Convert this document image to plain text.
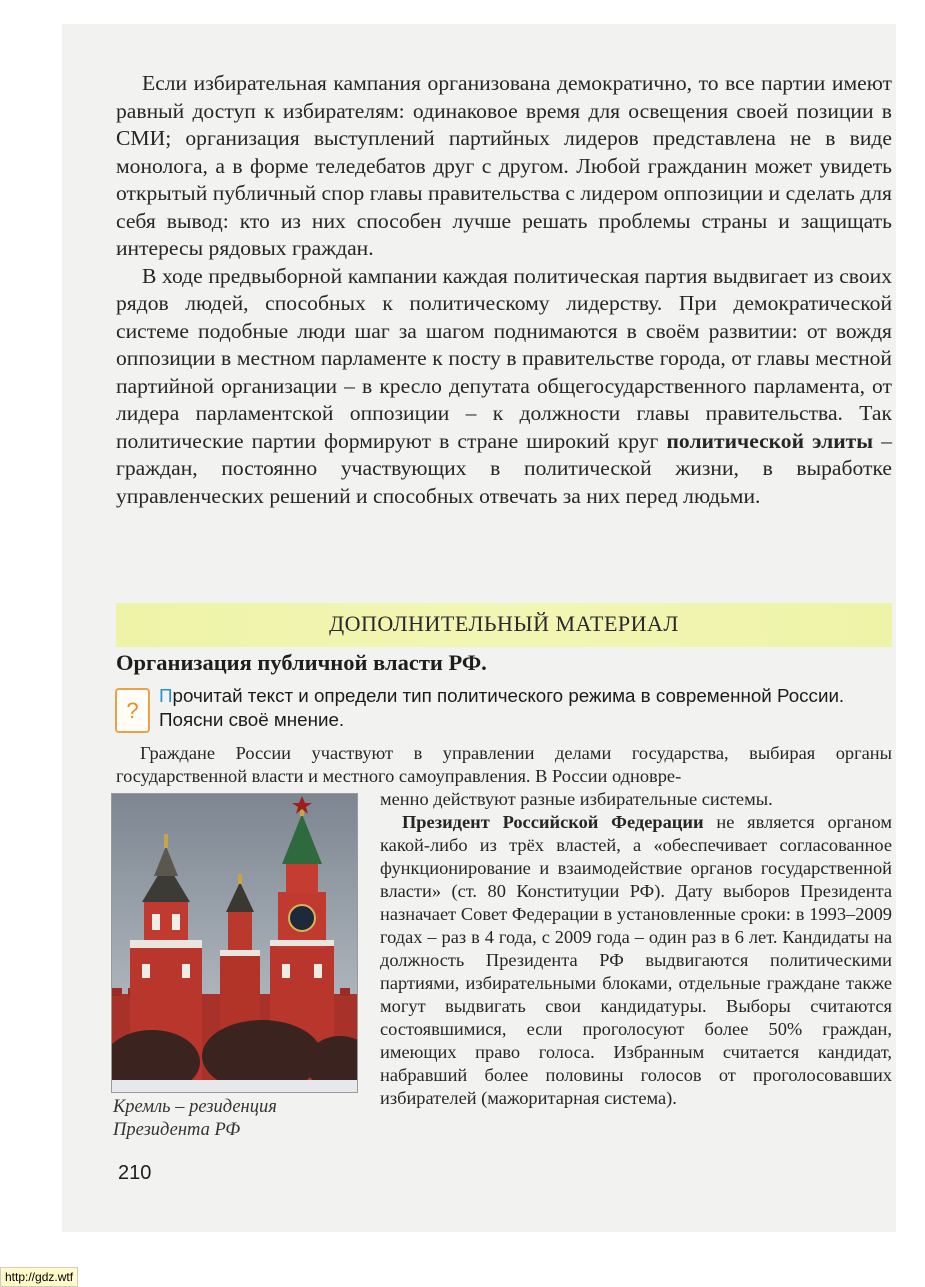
Если избирательная кампания организована демократично, то все партии имеют равный доступ к избирателям: одинаковое время для освещения своей позиции в СМИ; организация выступлений партийных лидеров представлена не в виде монолога, а в форме теледебатов друг с другом. Любой гражданин может увидеть открытый публичный спор главы правительства с лидером оппозиции и сделать для себя вывод: кто из них способен лучше решать проблемы страны и защищать интересы рядовых граждан.

В ходе предвыборной кампании каждая политическая партия выдвигает из своих рядов людей, способных к политическому лидерству. При демократической системе подобные люди шаг за шагом поднимаются в своём развитии: от вождя оппозиции в местном парламенте к посту в правительстве города, от главы местной партийной организации – в кресло депутата общегосударственного парламента, от лидера парламентской оппозиции – к должности главы правительства. Так политические партии формируют в стране широкий круг политической элиты – граждан, постоянно участвующих в политической жизни, в выработке управленческих решений и способных отвечать за них перед людьми.

ДОПОЛНИТЕЛЬНЫЙ МАТЕРИАЛ
Организация публичной власти РФ.
?
Прочитай текст и определи тип политического режима в современной России. Поясни своё мнение.

Граждане России участвуют в управлении делами государства, выбирая органы государственной власти и местного самоуправления. В России одновре-

Кремль – резиденция
Президента РФ

менно действуют разные избирательные системы.

Президент Российской Федерации не является органом какой-либо из трёх властей, а «обеспечивает согласованное функционирование и взаимодействие органов государственной власти» (ст. 80 Конституции РФ). Дату выборов Президента назначает Совет Федерации в установленные сроки: в 1993–2009 годах – раз в 4 года, с 2009 года – один раз в 6 лет. Кандидаты на должность Президента РФ выдвигаются политическими партиями, избирательными блоками, отдельные граждане также могут выдвигать свои кандидатуры. Выборы считаются состоявшимися, если проголосуют более 50% граждан, имеющих право голоса. Избранным считается кандидат, набравший более половины голосов от проголосовавших избирателей (мажоритарная система).

210
http://gdz.wtf
